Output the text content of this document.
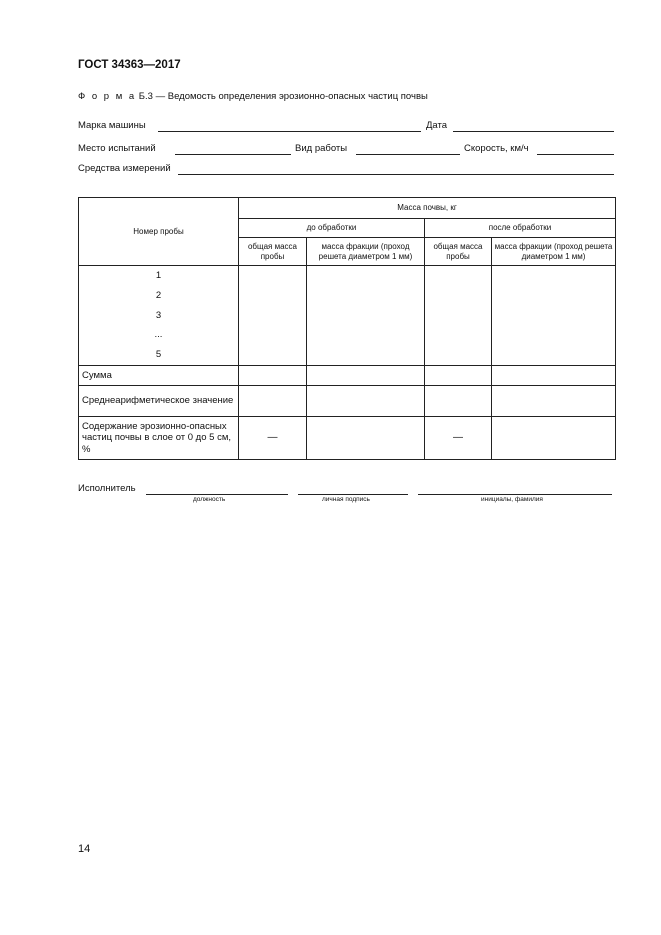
ГОСТ 34363—2017
Ф о р м а Б.3 — Ведомость определения эрозионно-опасных частиц почвы
Марка машины	Дата
Место испытаний	Вид работы	Скорость, км/ч
Средства измерений
Номер пробы	Масса почвы, кг			
	до обработки		после обработки	
	общая масса пробы	масса фракции (проход решета диаметром 1 мм)	общая масса пробы	масса фракции (проход решета диаметром 1 мм)

1
2
3
...
5				

Сумма				
Среднеарифметическое значение				
Содержание эрозионно-опасных частиц почвы в слое от 0 до 5 см, %	—		—	
Исполнитель
должность	личная подпись	инициалы, фамилия
14
